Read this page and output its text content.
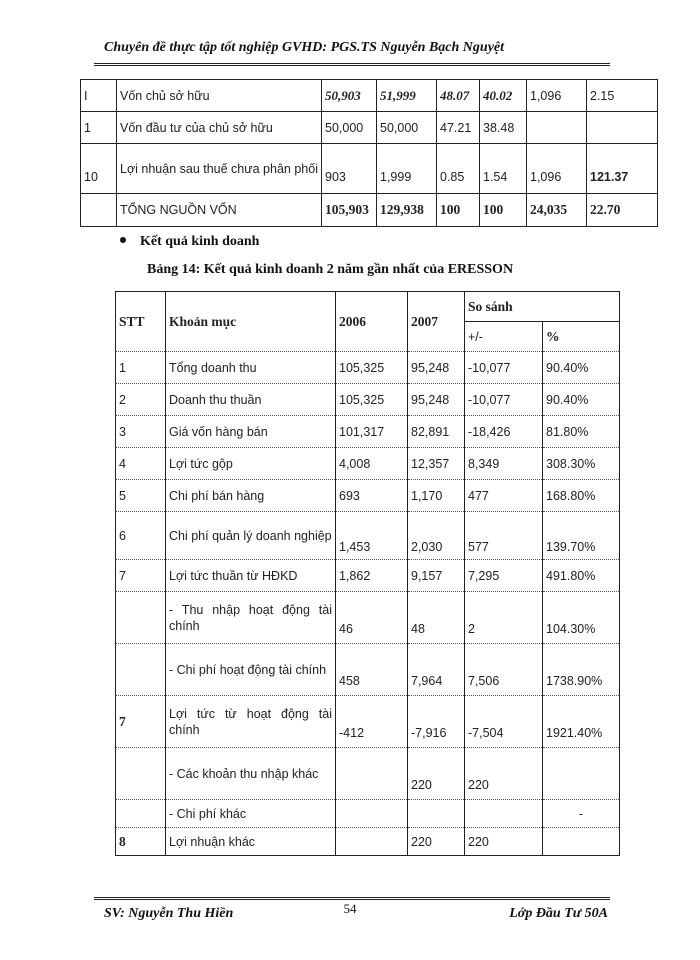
Chuyên đề thực tập tốt nghiệp GVHD: PGS.TS Nguyễn Bạch Nguyệt
I	Vốn chủ sở hữu	50,903	51,999	48.07	40.02	1,096	2.15
1	Vốn đầu tư của chủ sở hữu	50,000	50,000	47.21	38.48		
10	Lợi nhuận sau thuế chưa phân phối	903	1,999	0.85	1.54	1,096	121.37
	TỔNG NGUỒN VỐN	105,903	129,938	100	100	24,035	22.70
Kết quả kinh doanh
Bảng 14: Kết quả kinh doanh 2 năm gần nhất của ERESSON
STT	Khoản mục	2006	2007	So sánh	
				+/-	%
1	Tổng doanh thu	105,325	95,248	-10,077	90.40%
2	Doanh thu thuần	105,325	95,248	-10,077	90.40%
3	Giá vốn hàng bán	101,317	82,891	-18,426	81.80%
4	Lợi tức gộp	4,008	12,357	8,349	308.30%
5	Chi phí bán hàng	693	1,170	477	168.80%
6	Chi phí quản lý doanh nghiệp	1,453	2,030	577	139.70%
7	Lợi tức thuần từ HĐKD	1,862	9,157	7,295	491.80%
	- Thu nhập hoạt động tài chính	46	48	2	104.30%
	- Chi phí hoạt động tài chính	458	7,964	7,506	1738.90%
7	Lợi tức từ hoạt động tài chính	-412	-7,916	-7,504	1921.40%
	- Các khoản thu nhập khác		220	220	
	- Chi phí khác				-
8	Lợi nhuận khác		220	220	
SV: Nguyễn Thu Hiền	54	Lớp Đầu Tư 50A
